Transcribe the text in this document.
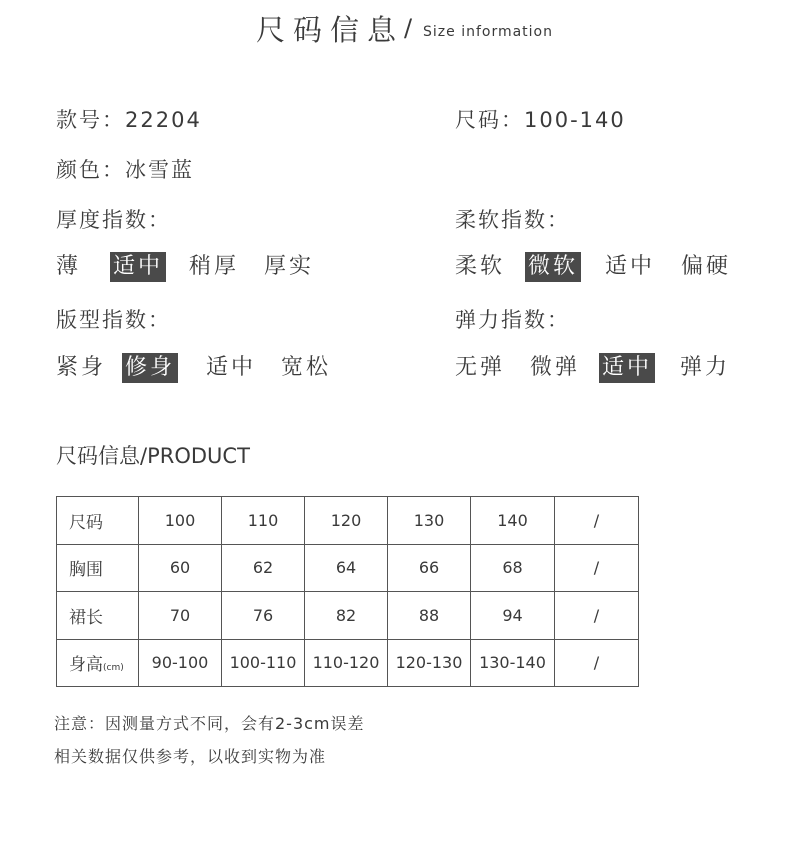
尺码信息 / Size information
款号：22204	尺码：100-140
颜色：冰雪蓝
厚度指数：	柔软指数：
薄 适中 稍厚 厚实	柔软 微软 适中 偏硬
版型指数：	弹力指数：
紧身 修身 适中 宽松	无弹 微弹 适中 弹力
尺码信息/PRODUCT
尺码	100	110	120	130	140	/
胸围	60	62	64	66	68	/
裙长	70	76	82	88	94	/
身高(cm)	90-100	100-110	110-120	120-130	130-140	/
注意：因测量方式不同，会有2-3cm误差
相关数据仅供参考，以收到实物为准
